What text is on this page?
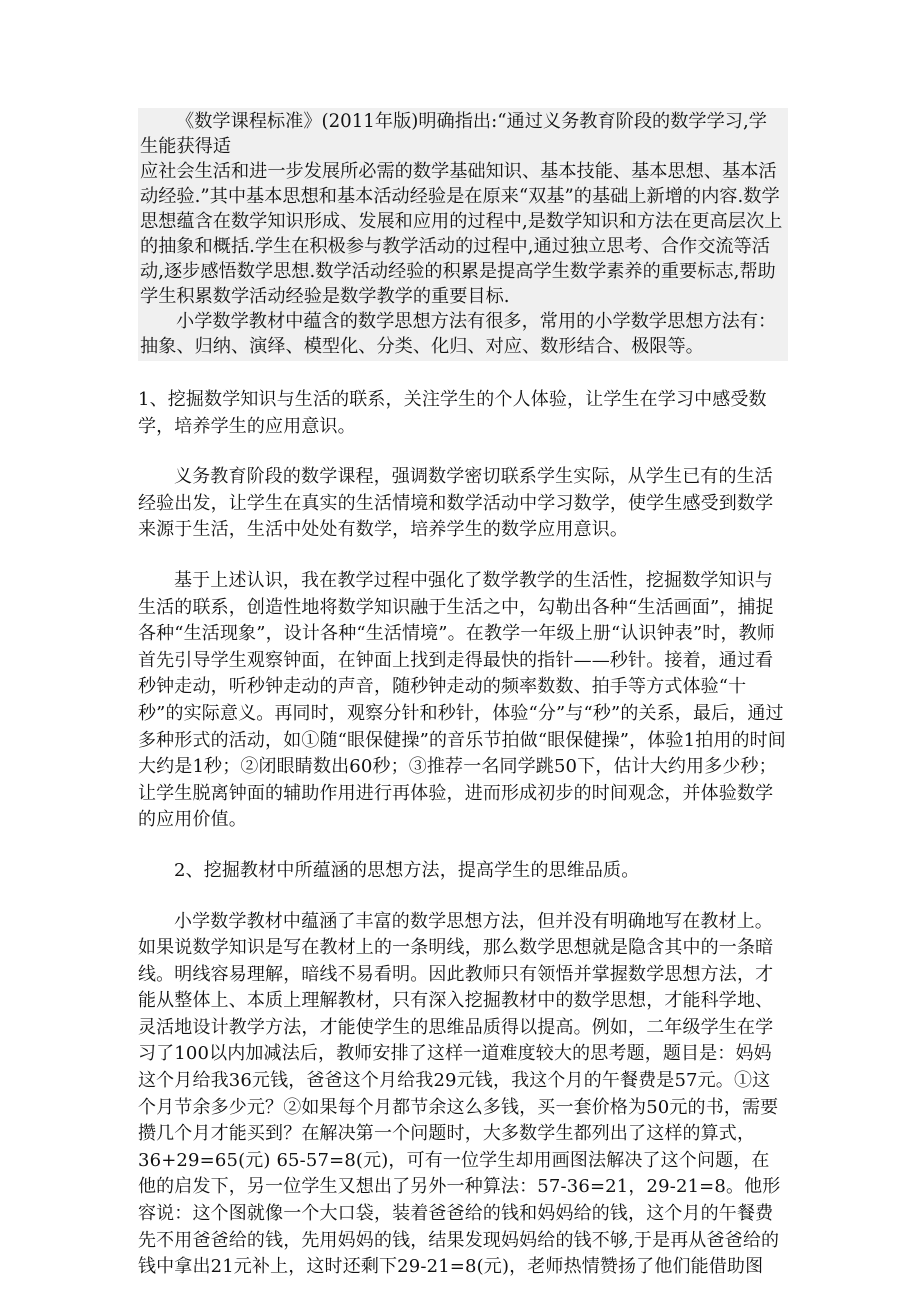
《数学课程标准》(2011年版)明确指出:“通过义务教育阶段的数学学习,学生能获得适

应社会生活和进一步发展所必需的数学基础知识、基本技能、基本思想、基本活动经验.”其中基本思想和基本活动经验是在原来“双基”的基础上新增的内容.数学思想蕴含在数学知识形成、发展和应用的过程中,是数学知识和方法在更高层次上的抽象和概括.学生在积极参与教学活动的过程中,通过独立思考、合作交流等活动,逐步感悟数学思想.数学活动经验的积累是提高学生数学素养的重要标志,帮助学生积累数学活动经验是数学教学的重要目标.

小学数学教材中蕴含的数学思想方法有很多，常用的小学数学思想方法有：抽象、归纳、演绎、模型化、分类、化归、对应、数形结合、极限等。

1、挖掘数学知识与生活的联系，关注学生的个人体验，让学生在学习中感受数学，培养学生的应用意识。

义务教育阶段的数学课程，强调数学密切联系学生实际，从学生已有的生活经验出发，让学生在真实的生活情境和数学活动中学习数学，使学生感受到数学来源于生活，生活中处处有数学，培养学生的数学应用意识。

基于上述认识，我在教学过程中强化了数学教学的生活性，挖掘数学知识与生活的联系，创造性地将数学知识融于生活之中，勾勒出各种“生活画面”，捕捉各种“生活现象”，设计各种“生活情境”。在教学一年级上册“认识钟表”时，教师首先引导学生观察钟面，在钟面上找到走得最快的指针——秒针。接着，通过看秒钟走动，听秒钟走动的声音，随秒钟走动的频率数数、拍手等方式体验“十秒”的实际意义。再同时，观察分针和秒针，体验“分”与“秒”的关系，最后，通过多种形式的活动，如①随“眼保健操”的音乐节拍做“眼保健操”，体验1拍用的时间大约是1秒；②闭眼睛数出60秒；③推荐一名同学跳50下，估计大约用多少秒；让学生脱离钟面的辅助作用进行再体验，进而形成初步的时间观念，并体验数学的应用价值。

2、挖掘教材中所蕴涵的思想方法，提高学生的思维品质。

小学数学教材中蕴涵了丰富的数学思想方法，但并没有明确地写在教材上。如果说数学知识是写在教材上的一条明线，那么数学思想就是隐含其中的一条暗线。明线容易理解，暗线不易看明。因此教师只有领悟并掌握数学思想方法，才能从整体上、本质上理解教材，只有深入挖掘教材中的数学思想，才能科学地、灵活地设计教学方法，才能使学生的思维品质得以提高。例如，二年级学生在学习了100以内加减法后，教师安排了这样一道难度较大的思考题，题目是：妈妈这个月给我36元钱，爸爸这个月给我29元钱，我这个月的午餐费是57元。①这个月节余多少元？②如果每个月都节余这么多钱，买一套价格为50元的书，需要攒几个月才能买到？在解决第一个问题时，大多数学生都列出了这样的算式，36+29=65(元) 65-57=8(元)，可有一位学生却用画图法解决了这个问题，在他的启发下，另一位学生又想出了另外一种算法：57-36=21，29-21=8。他形容说：这个图就像一个大口袋，装着爸爸给的钱和妈妈给的钱，这个月的午餐费先不用爸爸给的钱，先用妈妈的钱，结果发现妈妈给的钱不够,于是再从爸爸给的钱中拿出21元补上，这时还剩下29-21=8(元)，老师热情赞扬了他们能借助图
